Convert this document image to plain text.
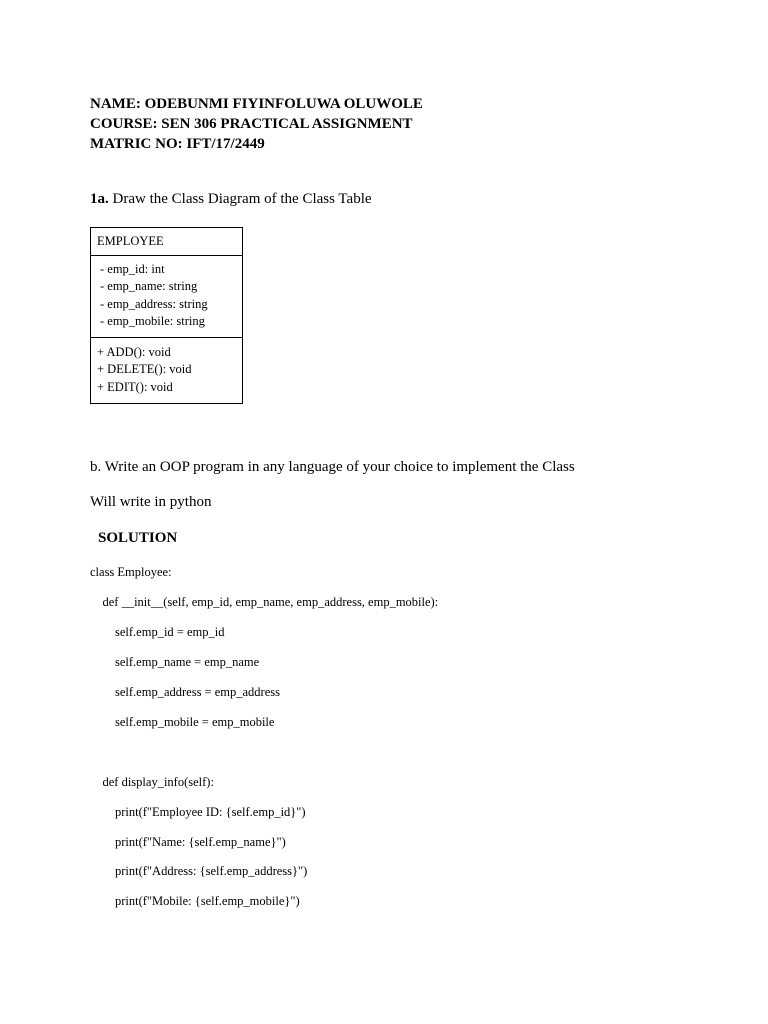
NAME: ODEBUNMI FIYINFOLUWA OLUWOLE
COURSE: SEN 306 PRACTICAL ASSIGNMENT
MATRIC NO: IFT/17/2449
1a. Draw the Class Diagram of the Class Table
EMPLOYEE
- emp_id: int
- emp_name: string
- emp_address: string
- emp_mobile: string
+ ADD(): void
+ DELETE(): void
+ EDIT(): void
b. Write an OOP program in any language of your choice to implement the Class
Will write in python
SOLUTION
class Employee:
def __init__(self, emp_id, emp_name, emp_address, emp_mobile):
self.emp_id = emp_id
self.emp_name = emp_name
self.emp_address = emp_address
self.emp_mobile = emp_mobile
def display_info(self):
print(f"Employee ID: {self.emp_id}")
print(f"Name: {self.emp_name}")
print(f"Address: {self.emp_address}")
print(f"Mobile: {self.emp_mobile}")
